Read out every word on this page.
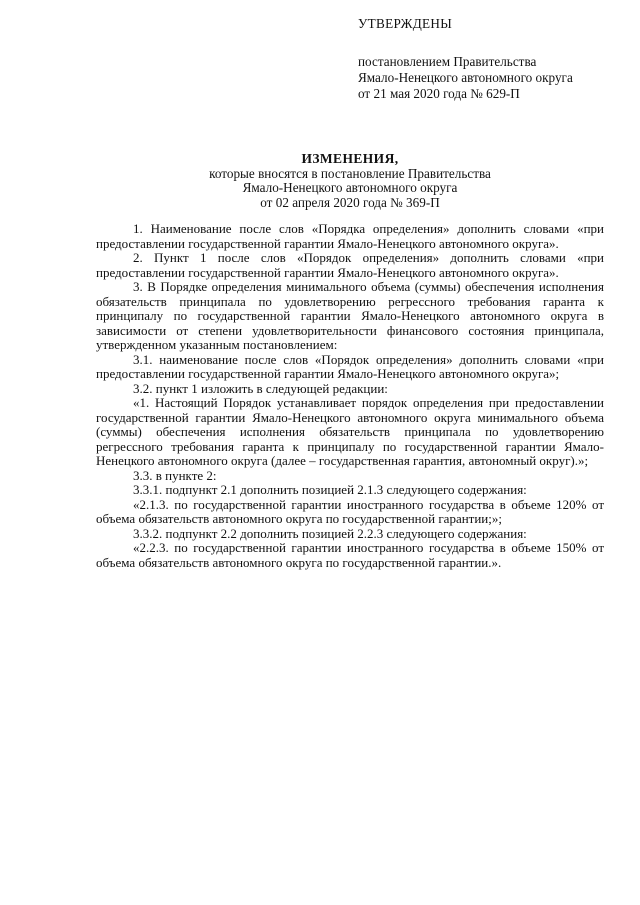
УТВЕРЖДЕНЫ
постановлением Правительства
Ямало-Ненецкого автономного округа
от 21 мая 2020 года № 629-П
ИЗМЕНЕНИЯ,
которые вносятся в постановление Правительства
Ямало-Ненецкого автономного округа
от 02 апреля 2020 года № 369-П

1. Наименование после слов «Порядка определения» дополнить словами «при предоставлении государственной гарантии Ямало-Ненецкого автономного округа».

2. Пункт 1 после слов «Порядок определения» дополнить словами «при предоставлении государственной гарантии Ямало-Ненецкого автономного округа».

3. В Порядке определения минимального объема (суммы) обеспечения исполнения обязательств принципала по удовлетворению регрессного требования гаранта к принципалу по государственной гарантии Ямало-Ненецкого автономного округа в зависимости от степени удовлетворительности финансового состояния принципала, утвержденном указанным постановлением:

3.1. наименование после слов «Порядок определения» дополнить словами «при предоставлении государственной гарантии Ямало-Ненецкого автономного округа»;

3.2. пункт 1 изложить в следующей редакции:

«1. Настоящий Порядок устанавливает порядок определения при предоставлении государственной гарантии Ямало-Ненецкого автономного округа минимального объема (суммы) обеспечения исполнения обязательств принципала по удовлетворению регрессного требования гаранта к принципалу по государственной гарантии Ямало-Ненецкого автономного округа (далее – государственная гарантия, автономный округ).»;

3.3. в пункте 2:

3.3.1. подпункт 2.1 дополнить позицией 2.1.3 следующего содержания:

«2.1.3. по государственной гарантии иностранного государства в объеме 120% от объема обязательств автономного округа по государственной гарантии;»;

3.3.2. подпункт 2.2 дополнить позицией 2.2.3 следующего содержания:

«2.2.3. по государственной гарантии иностранного государства в объеме 150% от объема обязательств автономного округа по государственной гарантии.».
